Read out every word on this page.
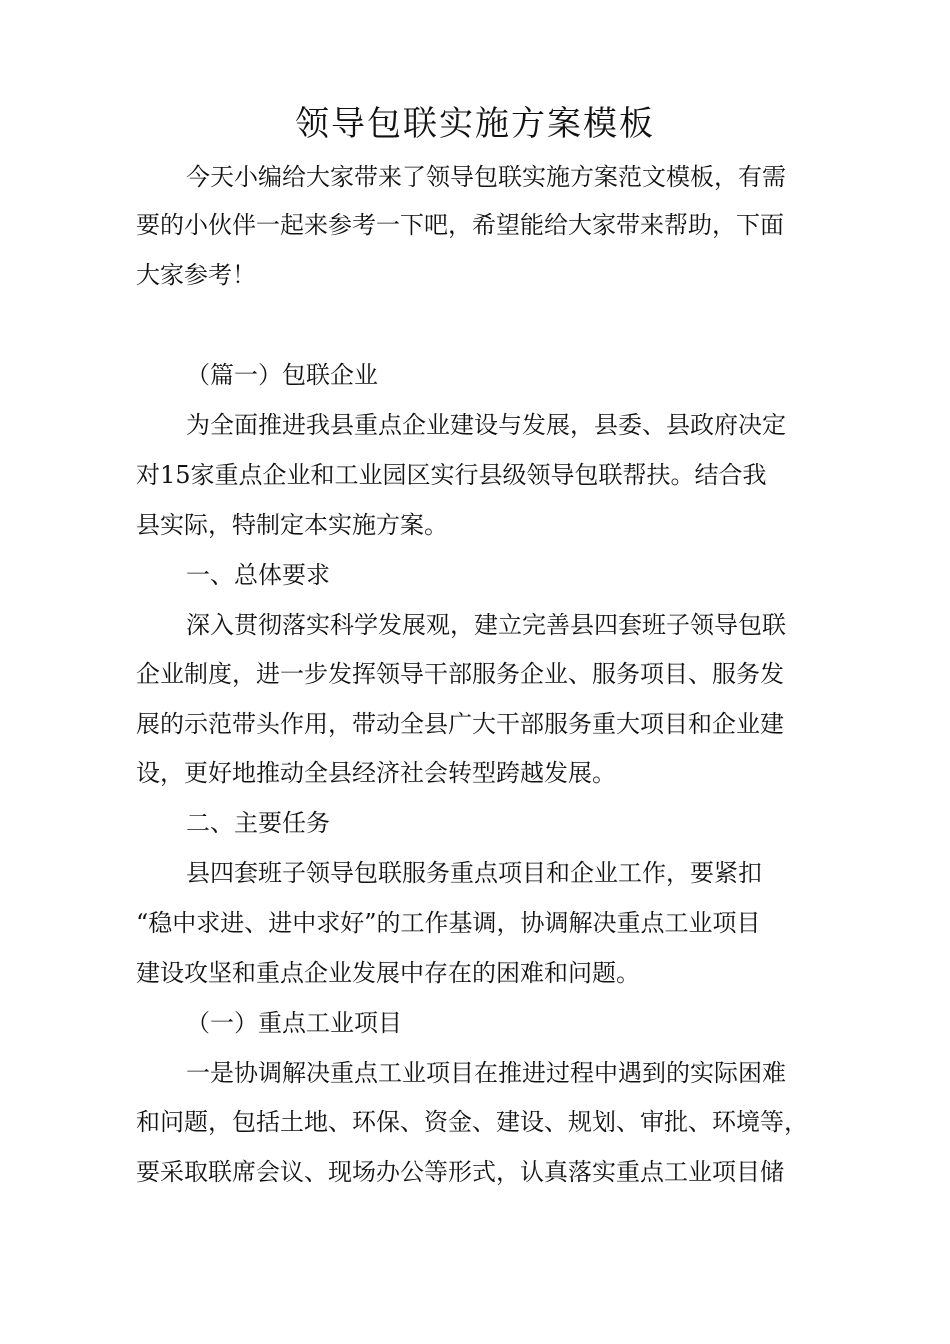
领导包联实施方案模板
今天小编给大家带来了领导包联实施方案范文模板，有需
要的小伙伴一起来参考一下吧，希望能给大家带来帮助，下面
大家参考！
（篇一）包联企业
为全面推进我县重点企业建设与发展，县委、县政府决定
对15家重点企业和工业园区实行县级领导包联帮扶。结合我
县实际，特制定本实施方案。
一、总体要求
深入贯彻落实科学发展观，建立完善县四套班子领导包联
企业制度，进一步发挥领导干部服务企业、服务项目、服务发
展的示范带头作用，带动全县广大干部服务重大项目和企业建
设，更好地推动全县经济社会转型跨越发展。
二、主要任务
县四套班子领导包联服务重点项目和企业工作，要紧扣
“稳中求进、进中求好”的工作基调，协调解决重点工业项目
建设攻坚和重点企业发展中存在的困难和问题。
（一）重点工业项目
一是协调解决重点工业项目在推进过程中遇到的实际困难
和问题，包括土地、环保、资金、建设、规划、审批、环境等，
要采取联席会议、现场办公等形式，认真落实重点工业项目储
